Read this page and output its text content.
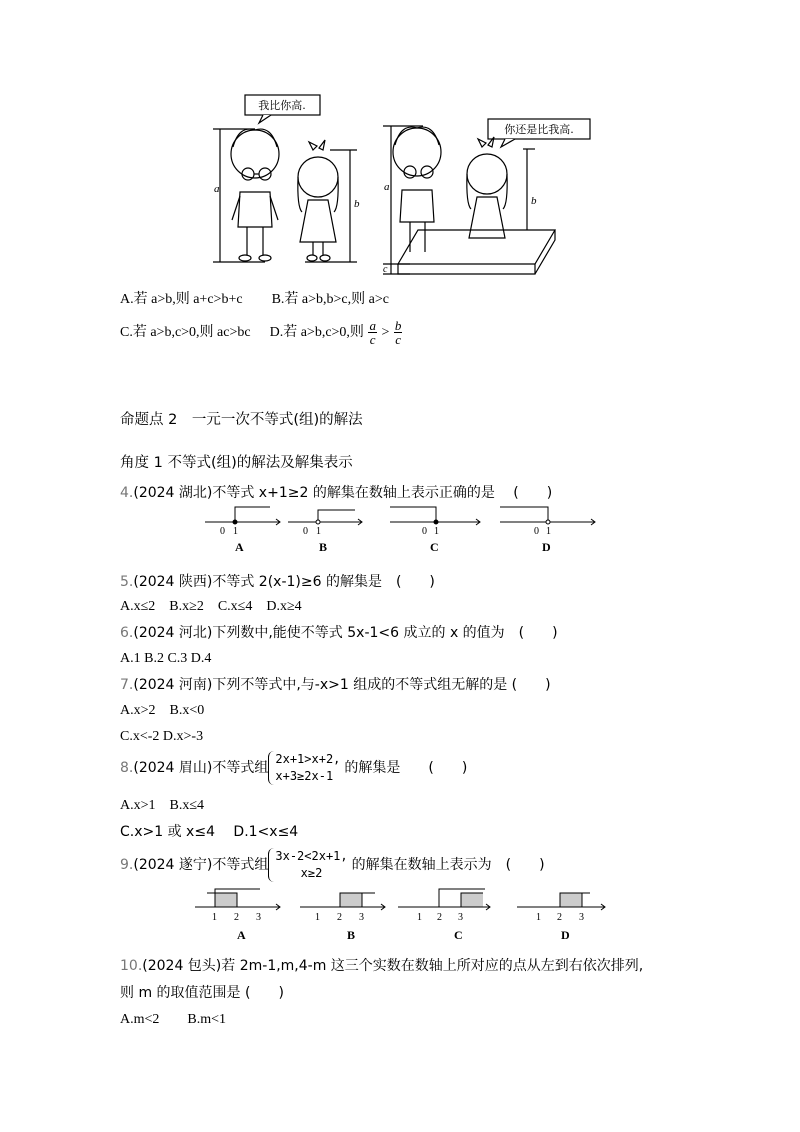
我比你高.
你还是比我高.
a
b
a
b
c
A.若 a>b,则 a+c>b+c B.若 a>b,b>c,则 a>c
C.若 a>b,c>0,则 ac>bc D.若 a>b,c>0,则 $\frac{a}{c} > \frac{b}{c}$
命题点 2　一元一次不等式(组)的解法
角度 1 不等式(组)的解法及解集表示
4.(2024 湖北)不等式 x+1≥2 的解集在数轴上表示正确的是　 (　　)
0 1
A
0 1
B
0 1
C
0 1
D
5.(2024 陕西)不等式 2(x-1)≥6 的解集是　(　　)
A.x≤2　B.x≥2　C.x≤4　D.x≥4
6.(2024 河北)下列数中,能使不等式 5x-1<6 成立的 x 的值为　(　　)
A.1 B.2 C.3 D.4
7.(2024 河南)下列不等式中,与-x>1 组成的不等式组无解的是 (　　)
A.x>2　B.x<0
C.x<-2 D.x>-3
8.(2024 眉山)不等式组
2x+1>x+2,
x+3≥2x-1 的解集是　　(　　)
A.x>1　B.x≤4
C.x>1 或 x≤4　 D.1<x≤4
9.(2024 遂宁)不等式组
3x-2<2x+1,
x≥2	的解集在数轴上表示为　(　　)
1 2 3
A
1 2 3
B
1 2 3
C
1 2 3
D
10.(2024 包头)若 2m-1,m,4-m 这三个实数在数轴上所对应的点从左到右依次排列,
则 m 的取值范围是 (　　)
A.m<2　　B.m<1
